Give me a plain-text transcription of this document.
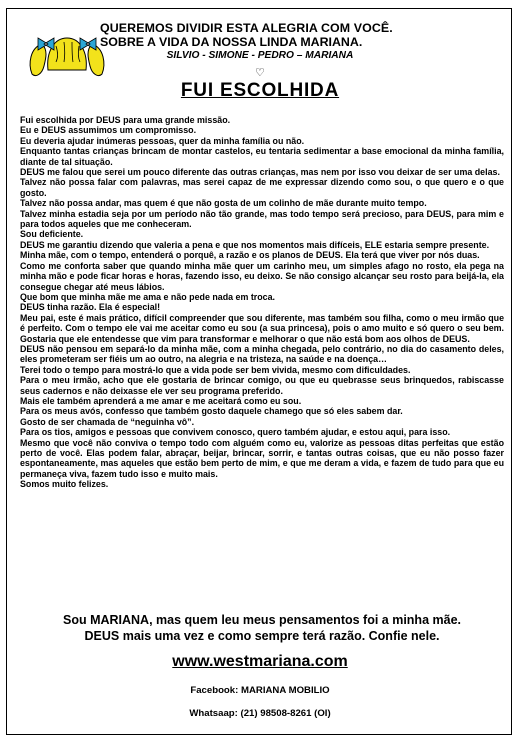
QUEREMOS DIVIDIR ESTA ALEGRIA COM VOCÊ.
SOBRE A VIDA DA NOSSA LINDA MARIANA.
SILVIO - SIMONE - PEDRO – MARIANA
♡
FUI ESCOLHIDA

Fui escolhida por DEUS para uma grande missão.

Eu e DEUS assumimos um compromisso.

Eu deveria ajudar inúmeras pessoas, quer da minha família ou não.

Enquanto tantas crianças brincam de montar castelos, eu tentaria sedimentar a base emocional da minha família, diante de tal situação.

DEUS me falou que serei um pouco diferente das outras crianças, mas nem por isso vou deixar de ser uma delas.

Talvez não possa falar com palavras, mas serei capaz de me expressar dizendo como sou, o que quero e o que gosto.

Talvez não possa andar, mas quem é que não gosta de um colinho de mãe durante muito tempo.

Talvez minha estadia seja por um período não tão grande, mas todo tempo será precioso, para DEUS, para mim e para todos aqueles que me conheceram.

Sou deficiente.

DEUS me garantiu dizendo que valeria a pena e que nos momentos mais difíceis, ELE estaria sempre presente.

Minha mãe, com o tempo, entenderá o porquê, a razão e os planos de DEUS. Ela terá que viver por nós duas.

Como me conforta saber que quando minha mãe quer um carinho meu, um simples afago no rosto, ela pega na minha mão e pode ficar horas e horas, fazendo isso, eu deixo. Se não consigo alcançar seu rosto para beijá-la, ela consegue chegar até meus lábios.

Que bom que minha mãe me ama e não pede nada em troca.

DEUS tinha razão. Ela é especial!

Meu pai, este é mais prático, difícil compreender que sou diferente, mas também sou filha, como o meu irmão que é perfeito. Com o tempo ele vai me aceitar como eu sou (a sua princesa), pois o amo muito e só quero o seu bem. Gostaria que ele entendesse que vim para transformar e melhorar o que não está bom aos olhos de DEUS.

DEUS não pensou em separá-lo da minha mãe, com a minha chegada, pelo contrário, no dia do casamento deles, eles prometeram ser fiéis um ao outro, na alegria e na tristeza, na saúde e na doença…

Terei todo o tempo para mostrá-lo que a vida pode ser bem vivida, mesmo com dificuldades.

Para o meu irmão, acho que ele gostaria de brincar comigo, ou que eu quebrasse seus brinquedos, rabiscasse seus cadernos e não deixasse ele ver seu programa preferido.

Mais ele também aprenderá a me amar e me aceitará como eu sou.

Para os meus avós, confesso que também gosto daquele chamego que só eles sabem dar.

Gosto de ser chamada de “neguinha vô”.

Para os tios, amigos e pessoas que convivem conosco, quero também ajudar, e estou aqui, para isso.

Mesmo que você não conviva o tempo todo com alguém como eu, valorize as pessoas ditas perfeitas que estão perto de você. Elas podem falar, abraçar, beijar, brincar, sorrir, e tantas outras coisas, que eu não posso fazer espontaneamente, mas aqueles que estão bem perto de mim, e que me deram a vida, e fazem de tudo para que eu permaneça viva, fazem tudo isso e muito mais.

Somos muito felizes.

Sou MARIANA, mas quem leu meus pensamentos foi a minha mãe.
DEUS mais uma vez e como sempre terá razão. Confie nele.
www.westmariana.com
Facebook: MARIANA MOBILIO
Whatsaap: (21) 98508-8261 (OI)
